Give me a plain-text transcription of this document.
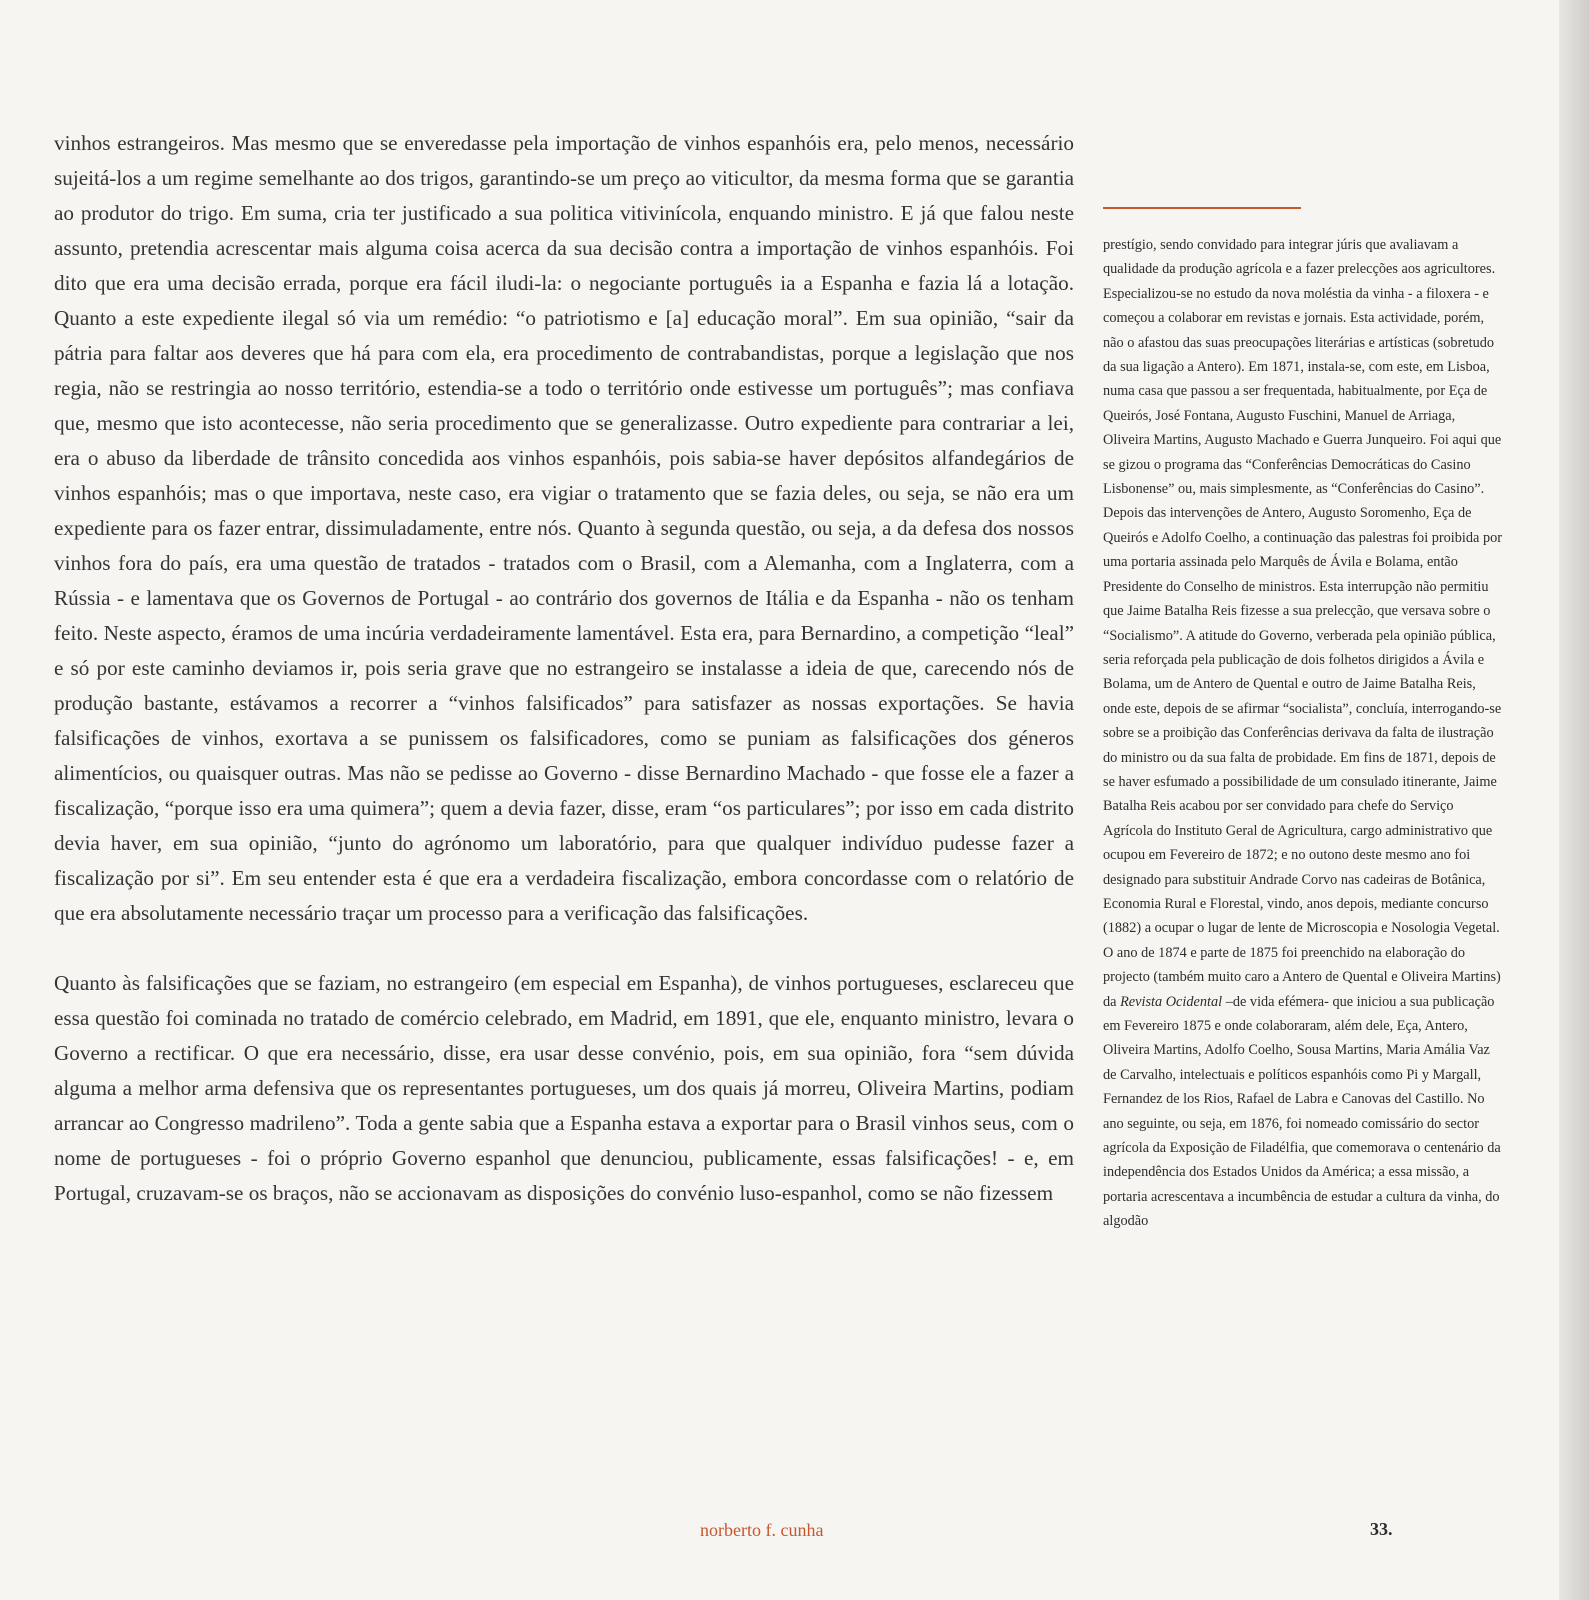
vinhos estrangeiros. Mas mesmo que se enveredasse pela importação de vinhos espanhóis era, pelo menos, necessário sujeitá-los a um regime semelhante ao dos trigos, garantindo-se um preço ao viticultor, da mesma forma que se garantia ao produtor do trigo. Em suma, cria ter justificado a sua politica vitivinícola, enquando ministro. E já que falou neste assunto, pretendia acrescentar mais alguma coisa acerca da sua decisão contra a importação de vinhos espanhóis. Foi dito que era uma decisão errada, porque era fácil iludi-la: o negociante português ia a Espanha e fazia lá a lotação. Quanto a este expediente ilegal só via um remédio: “o patriotismo e [a] educação moral”. Em sua opinião, “sair da pátria para faltar aos deveres que há para com ela, era procedimento de contrabandistas, porque a legislação que nos regia, não se restringia ao nosso território, estendia-se a todo o território onde estivesse um português”; mas confiava que, mesmo que isto acontecesse, não seria procedimento que se generalizasse. Outro expediente para contrariar a lei, era o abuso da liberdade de trânsito concedida aos vinhos espanhóis, pois sabia-se haver depósitos alfandegários de vinhos espanhóis; mas o que importava, neste caso, era vigiar o tratamento que se fazia deles, ou seja, se não era um expediente para os fazer entrar, dissimuladamente, entre nós. Quanto à segunda questão, ou seja, a da defesa dos nossos vinhos fora do país, era uma questão de tratados - tratados com o Brasil, com a Alemanha, com a Inglaterra, com a Rússia - e lamentava que os Governos de Portugal - ao contrário dos governos de Itália e da Espanha - não os tenham feito. Neste aspecto, éramos de uma incúria verdadeiramente lamentável. Esta era, para Bernardino, a competição “leal” e só por este caminho deviamos ir, pois seria grave que no estrangeiro se instalasse a ideia de que, carecendo nós de produção bastante, estávamos a recorrer a “vinhos falsificados” para satisfazer as nossas exportações. Se havia falsificações de vinhos, exortava a se punissem os falsificadores, como se puniam as falsificações dos géneros alimentícios, ou quaisquer outras. Mas não se pedisse ao Governo - disse Bernardino Machado - que fosse ele a fazer a fiscalização, “porque isso era uma quimera”; quem a devia fazer, disse, eram “os particulares”; por isso em cada distrito devia haver, em sua opinião, “junto do agrónomo um laboratório, para que qualquer indivíduo pudesse fazer a fiscalização por si”. Em seu entender esta é que era a verdadeira fiscalização, embora concordasse com o relatório de que era absolutamente necessário traçar um processo para a verificação das falsificações.

Quanto às falsificações que se faziam, no estrangeiro (em especial em Espanha), de vinhos portugueses, esclareceu que essa questão foi cominada no tratado de comércio celebrado, em Madrid, em 1891, que ele, enquanto ministro, levara o Governo a rectificar. O que era necessário, disse, era usar desse convénio, pois, em sua opinião, fora “sem dúvida alguma a melhor arma defensiva que os representantes portugueses, um dos quais já morreu, Oliveira Martins, podiam arrancar ao Congresso madrileno”. Toda a gente sabia que a Espanha estava a exportar para o Brasil vinhos seus, com o nome de portugueses - foi o próprio Governo espanhol que denunciou, publicamente, essas falsificações! - e, em Portugal, cruzavam-se os braços, não se accionavam as disposições do convénio luso-espanhol, como se não fizessem

prestígio, sendo convidado para integrar júris que avaliavam a qualidade da produção agrícola e a fazer prelecções aos agricultores. Especializou-se no estudo da nova moléstia da vinha - a filoxera - e começou a colaborar em revistas e jornais. Esta actividade, porém, não o afastou das suas preocupações literárias e artísticas (sobretudo da sua ligação a Antero). Em 1871, instala-se, com este, em Lisboa, numa casa que passou a ser frequentada, habitualmente, por Eça de Queirós, José Fontana, Augusto Fuschini, Manuel de Arriaga, Oliveira Martins, Augusto Machado e Guerra Junqueiro. Foi aqui que se gizou o programa das “Conferências Democráticas do Casino Lisbonense” ou, mais simplesmente, as “Conferências do Casino”. Depois das intervenções de Antero, Augusto Soromenho, Eça de Queirós e Adolfo Coelho, a continuação das palestras foi proibida por uma portaria assinada pelo Marquês de Ávila e Bolama, então Presidente do Conselho de ministros. Esta interrupção não permitiu que Jaime Batalha Reis fizesse a sua prelecção, que versava sobre o “Socialismo”. A atitude do Governo, verberada pela opinião pública, seria reforçada pela publicação de dois folhetos dirigidos a Ávila e Bolama, um de Antero de Quental e outro de Jaime Batalha Reis, onde este, depois de se afirmar “socialista”, concluía, interrogando-se sobre se a proibição das Conferências derivava da falta de ilustração do ministro ou da sua falta de probidade. Em fins de 1871, depois de se haver esfumado a possibilidade de um consulado itinerante, Jaime Batalha Reis acabou por ser convidado para chefe do Serviço Agrícola do Instituto Geral de Agricultura, cargo administrativo que ocupou em Fevereiro de 1872; e no outono deste mesmo ano foi designado para substituir Andrade Corvo nas cadeiras de Botânica, Economia Rural e Florestal, vindo, anos depois, mediante concurso (1882) a ocupar o lugar de lente de Microscopia e Nosologia Vegetal. O ano de 1874 e parte de 1875 foi preenchido na elaboração do projecto (também muito caro a Antero de Quental e Oliveira Martins) da Revista Ocidental –de vida efémera- que iniciou a sua publicação em Fevereiro 1875 e onde colaboraram, além dele, Eça, Antero, Oliveira Martins, Adolfo Coelho, Sousa Martins, Maria Amália Vaz de Carvalho, intelectuais e políticos espanhóis como Pi y Margall, Fernandez de los Rios, Rafael de Labra e Canovas del Castillo. No ano seguinte, ou seja, em 1876, foi nomeado comissário do sector agrícola da Exposição de Filadélfia, que comemorava o centenário da independência dos Estados Unidos da América; a essa missão, a portaria acrescentava a incumbência de estudar a cultura da vinha, do algodão

norberto f. cunha	33.
